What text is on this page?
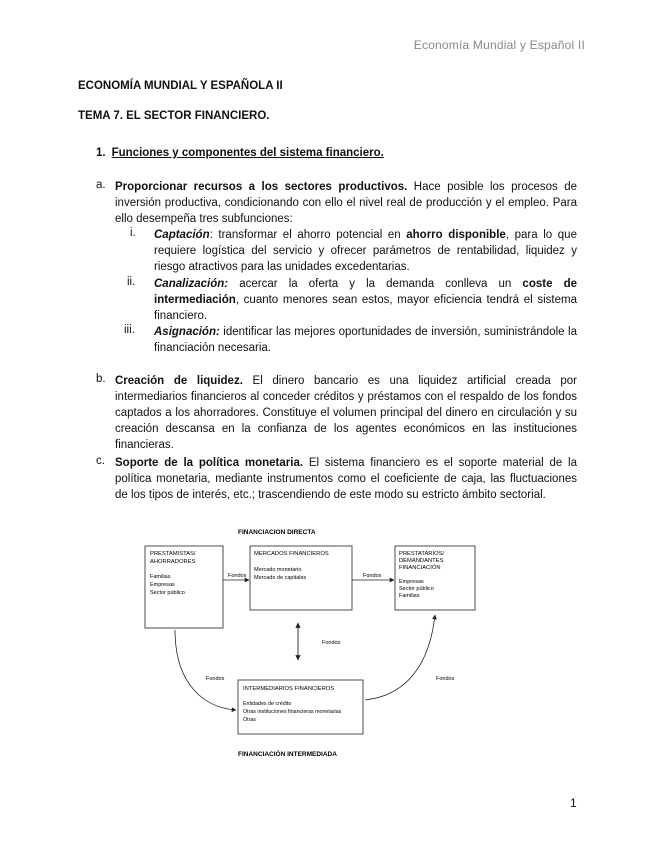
Economía Mundial y Español II
ECONOMÍA MUNDIAL Y ESPAÑOLA II
TEMA 7. EL SECTOR FINANCIERO.
1. Funciones y componentes del sistema financiero.
a. Proporcionar recursos a los sectores productivos. Hace posible los procesos de inversión productiva, condicionando con ello el nivel real de producción y el empleo. Para ello desempeña tres subfunciones:
i. Captación: transformar el ahorro potencial en ahorro disponible, para lo que requiere logística del servicio y ofrecer parámetros de rentabilidad, liquidez y riesgo atractivos para las unidades excedentarias.
ii. Canalización: acercar la oferta y la demanda conlleva un coste de intermediación, cuanto menores sean estos, mayor eficiencia tendrá el sistema financiero.
iii. Asignación: identificar las mejores oportunidades de inversión, suministrándole la financiación necesaria.
b. Creación de liquidez. El dinero bancario es una liquidez artificial creada por intermediarios financieros al conceder créditos y préstamos con el respaldo de los fondos captados a los ahorradores. Constituye el volumen principal del dinero en circulación y su creación descansa en la confianza de los agentes económicos en las instituciones financieras.
c. Soporte de la política monetaria. El sistema financiero es el soporte material de la política monetaria, mediante instrumentos como el coeficiente de caja, las fluctuaciones de los tipos de interés, etc.; trascendiendo de este modo su estricto ámbito sectorial.
FINANCIACION DIRECTA
PRESTAMISTAS/
AHORRADORES
Familias
Empresas
Sector público
MERCADOS FINANCIEROS
Mercado monetario
Mercado de capitales
PRESTATARIOS/
DEMANDANTES
FINANCIACIÓN
Empresas
Sector público
Familias
Fondos	Fondos
Fondos
INTERMEDIARIOS FINANCIEROS
Entidades de crédito
Otras instituciones financieras monetarias
Otras
Fondos	Fondos
FINANCIACIÓN INTERMEDIADA
1
